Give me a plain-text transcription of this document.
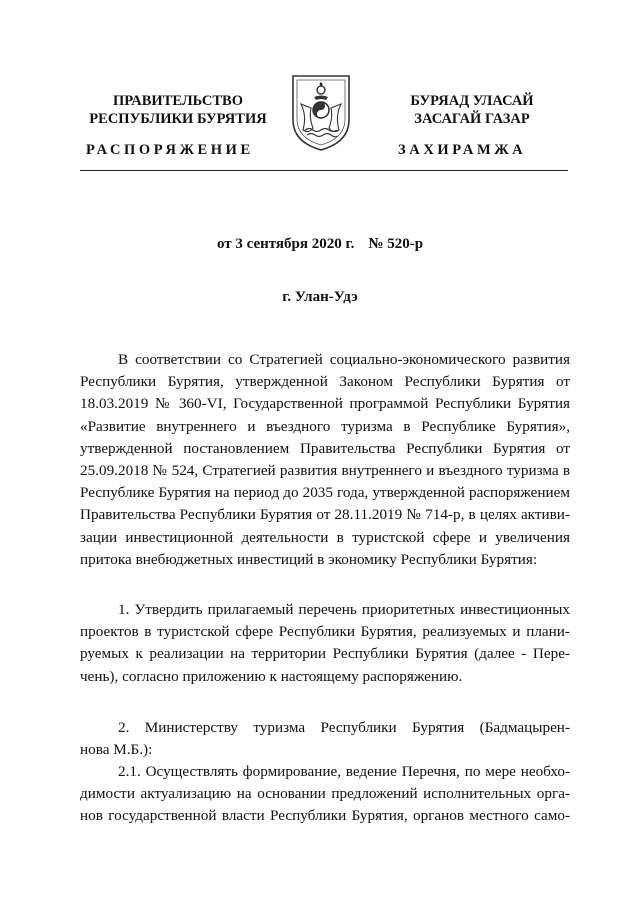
ПРАВИТЕЛЬСТВО
РЕСПУБЛИКИ БУРЯТИЯ
БУРЯАД УЛАСАЙ
ЗАСАГАЙ ГАЗАР
РАСПОРЯЖЕНИЕ	ЗАХИРАМЖА
от 3 сентября 2020 г. № 520-р
г. Улан-Удэ
В соответствии со Стратегией социально-экономического развития
Республики Бурятия, утвержденной Законом Республики Бурятия от
18.03.2019 № 360-VI, Государственной программой Республики Бурятия
«Развитие внутреннего и въездного туризма в Республике Бурятия»,
утвержденной постановлением Правительства Республики Бурятия от
25.09.2018 № 524, Стратегией развития внутреннего и въездного туризма в
Республике Бурятия на период до 2035 года, утвержденной распоряжением
Правительства Республики Бурятия от 28.11.2019 № 714-р, в целях активи-
зации инвестиционной деятельности в туристской сфере и увеличения
притока внебюджетных инвестиций в экономику Республики Бурятия:
1. Утвердить прилагаемый перечень приоритетных инвестиционных
проектов в туристской сфере Республики Бурятия, реализуемых и плани-
руемых к реализации на территории Республики Бурятия (далее - Пере-
чень), согласно приложению к настоящему распоряжению.
2. Министерству туризма Республики Бурятия (Бадмацырен-
нова М.Б.):
2.1. Осуществлять формирование, ведение Перечня, по мере необхо-
димости актуализацию на основании предложений исполнительных орга-
нов государственной власти Республики Бурятия, органов местного само-
